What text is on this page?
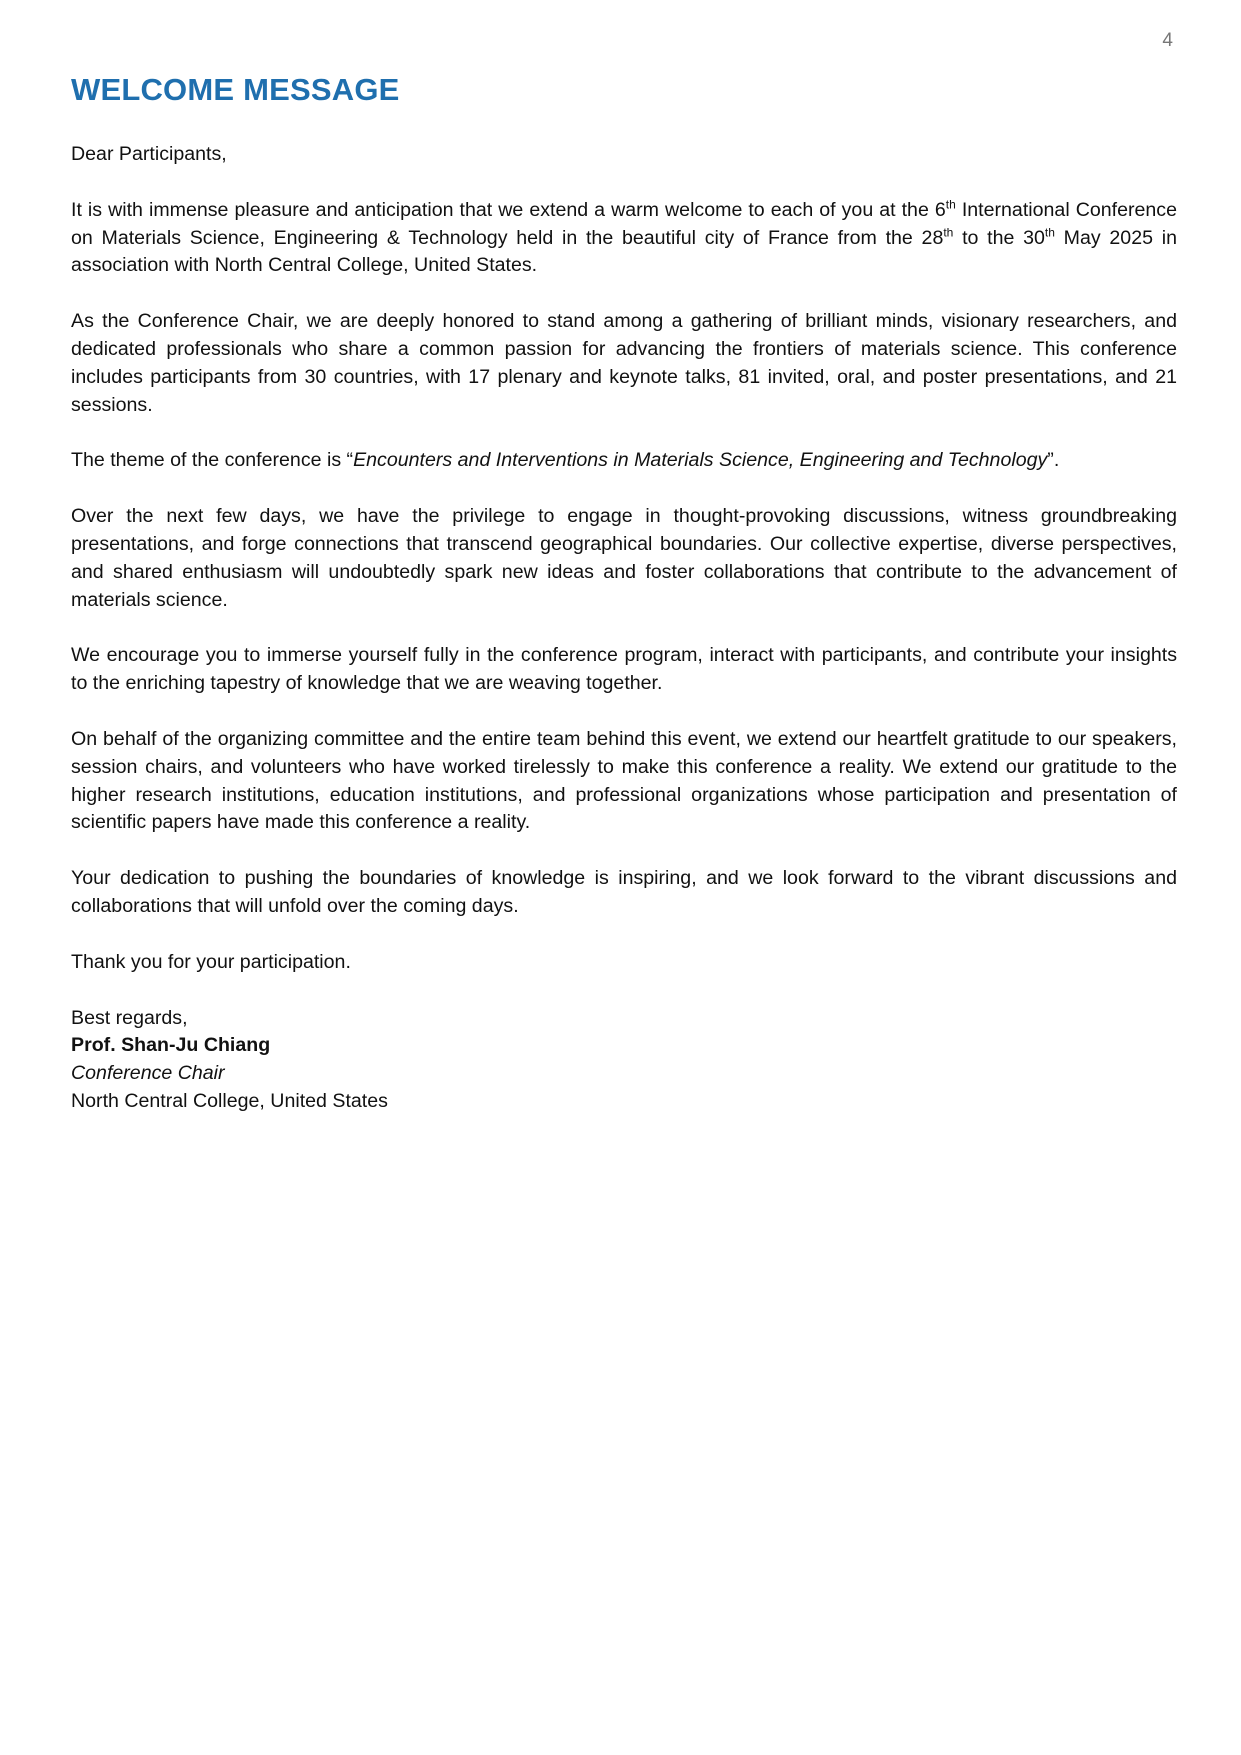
4
WELCOME MESSAGE

Dear Participants,

It is with immense pleasure and anticipation that we extend a warm welcome to each of you at the 6th International Conference on Materials Science, Engineering & Technology held in the beautiful city of France from the 28th to the 30th May 2025 in association with North Central College, United States.

As the Conference Chair, we are deeply honored to stand among a gathering of brilliant minds, visionary researchers, and dedicated professionals who share a common passion for advancing the frontiers of materials science. This conference includes participants from 30 countries, with 17 plenary and keynote talks, 81 invited, oral, and poster presentations, and 21 sessions.

The theme of the conference is “Encounters and Interventions in Materials Science, Engineering and Technology”.

Over the next few days, we have the privilege to engage in thought-provoking discussions, witness groundbreaking presentations, and forge connections that transcend geographical boundaries. Our collective expertise, diverse perspectives, and shared enthusiasm will undoubtedly spark new ideas and foster collaborations that contribute to the advancement of materials science.

We encourage you to immerse yourself fully in the conference program, interact with participants, and contribute your insights to the enriching tapestry of knowledge that we are weaving together.

On behalf of the organizing committee and the entire team behind this event, we extend our heartfelt gratitude to our speakers, session chairs, and volunteers who have worked tirelessly to make this conference a reality. We extend our gratitude to the higher research institutions, education institutions, and professional organizations whose participation and presentation of scientific papers have made this conference a reality.

Your dedication to pushing the boundaries of knowledge is inspiring, and we look forward to the vibrant discussions and collaborations that will unfold over the coming days.

Thank you for your participation.

Best regards,
Prof. Shan-Ju Chiang
Conference Chair
North Central College, United States
